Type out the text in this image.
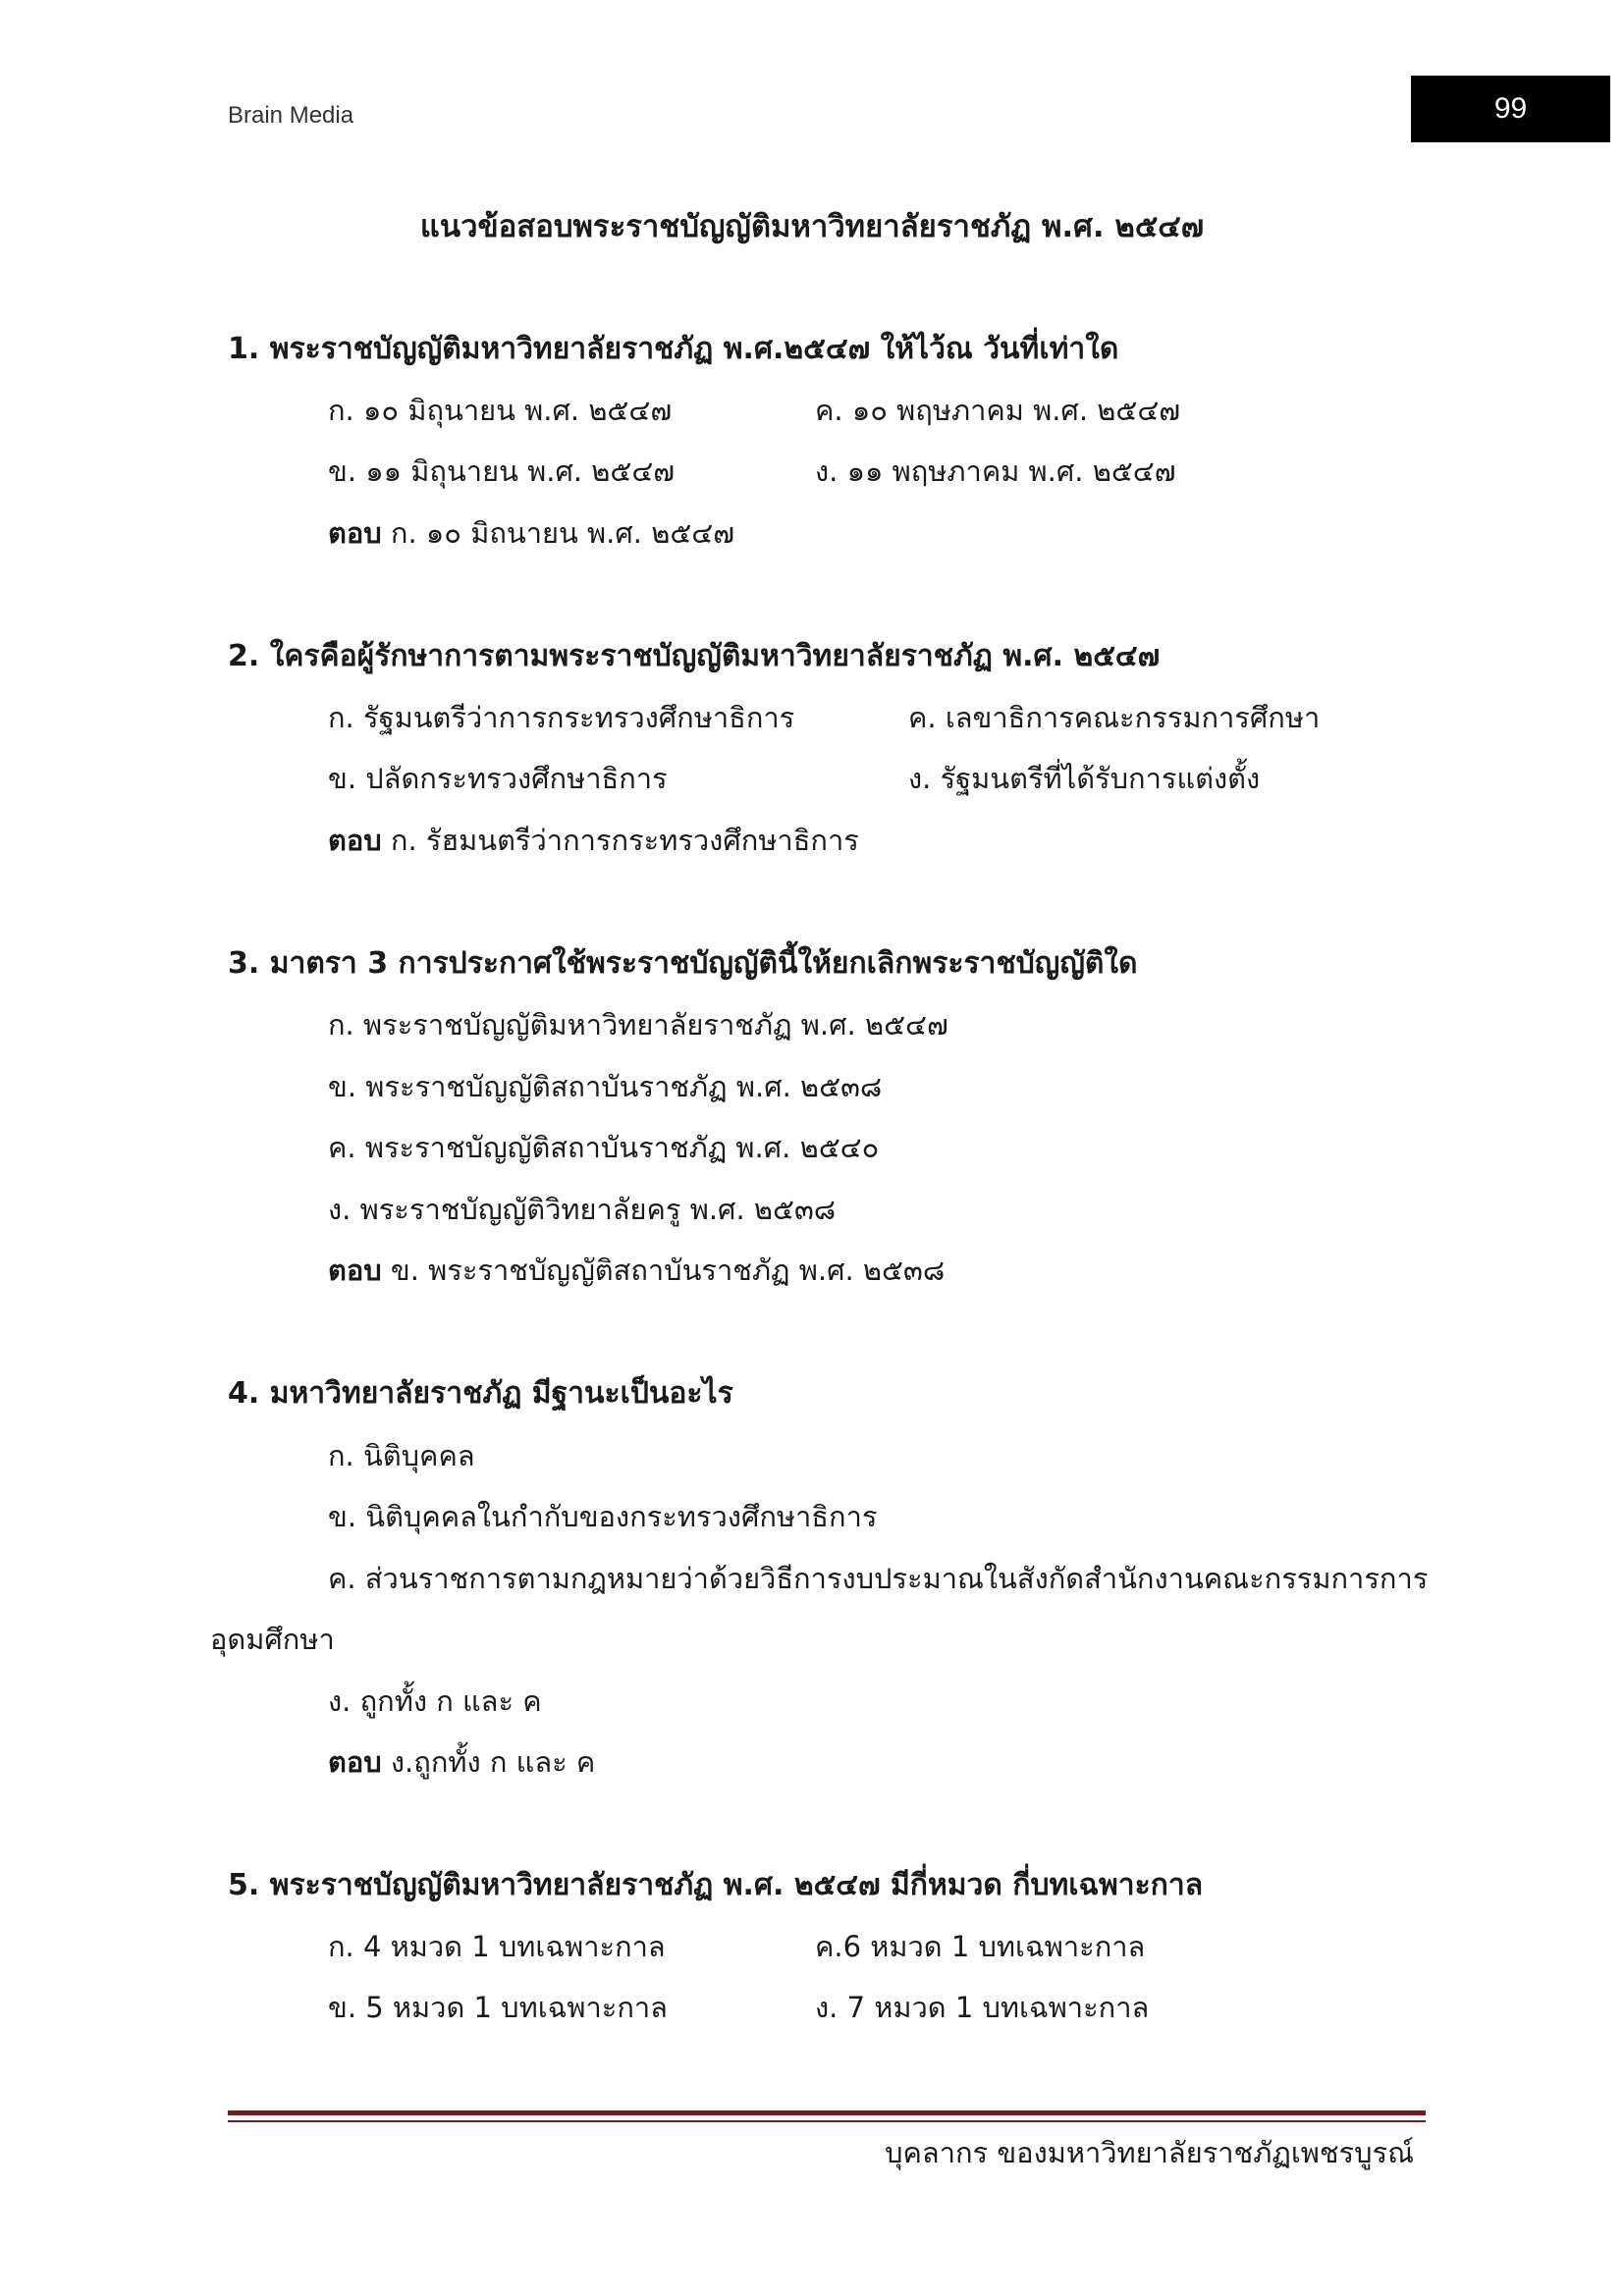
Brain Media	99
แนวข้อสอบพระราชบัญญัติมหาวิทยาลัยราชภัฏ พ.ศ. ๒๕๔๗
1. พระราชบัญญัติมหาวิทยาลัยราชภัฏ พ.ศ.๒๕๔๗ ให้ไว้ณ วันที่เท่าใด
ก. ๑๐ มิถุนายน พ.ศ. ๒๕๔๗	ค. ๑๐ พฤษภาคม พ.ศ. ๒๕๔๗
ข. ๑๑ มิถุนายน พ.ศ. ๒๕๔๗	ง. ๑๑ พฤษภาคม พ.ศ. ๒๕๔๗
ตอบ ก. ๑๐ มิถนายน พ.ศ. ๒๕๔๗
2. ใครคือผู้รักษาการตามพระราชบัญญัติมหาวิทยาลัยราชภัฏ พ.ศ. ๒๕๔๗
ก. รัฐมนตรีว่าการกระทรวงศึกษาธิการ	ค. เลขาธิการคณะกรรมการศึกษา
ข. ปลัดกระทรวงศึกษาธิการ	ง. รัฐมนตรีที่ได้รับการแต่งตั้ง
ตอบ ก. รัฮมนตรีว่าการกระทรวงศึกษาธิการ
3. มาตรา 3 การประกาศใช้พระราชบัญญัตินี้ให้ยกเลิกพระราชบัญญัติใด
ก. พระราชบัญญัติมหาวิทยาลัยราชภัฏ พ.ศ. ๒๕๔๗
ข. พระราชบัญญัติสถาบันราชภัฏ พ.ศ. ๒๕๓๘
ค. พระราชบัญญัติสถาบันราชภัฏ พ.ศ. ๒๕๔๐
ง. พระราชบัญญัติวิทยาลัยครู พ.ศ. ๒๕๓๘
ตอบ ข. พระราชบัญญัติสถาบันราชภัฏ พ.ศ. ๒๕๓๘
4. มหาวิทยาลัยราชภัฏ มีฐานะเป็นอะไร
ก. นิติบุคคล
ข. นิติบุคคลในกำกับของกระทรวงศึกษาธิการ
ค. ส่วนราชการตามกฎหมายว่าด้วยวิธีการงบประมาณในสังกัดสำนักงานคณะกรรมการการ
อุดมศึกษา
ง. ถูกทั้ง ก และ ค
ตอบ ง.ถูกทั้ง ก และ ค
5. พระราชบัญญัติมหาวิทยาลัยราชภัฏ พ.ศ. ๒๕๔๗ มีกี่หมวด กี่บทเฉพาะกาล
ก. 4 หมวด 1 บทเฉพาะกาล	ค.6 หมวด 1 บทเฉพาะกาล
ข. 5 หมวด 1 บทเฉพาะกาล	ง. 7 หมวด 1 บทเฉพาะกาล
บุคลากร ของมหาวิทยาลัยราชภัฏเพชรบูรณ์
